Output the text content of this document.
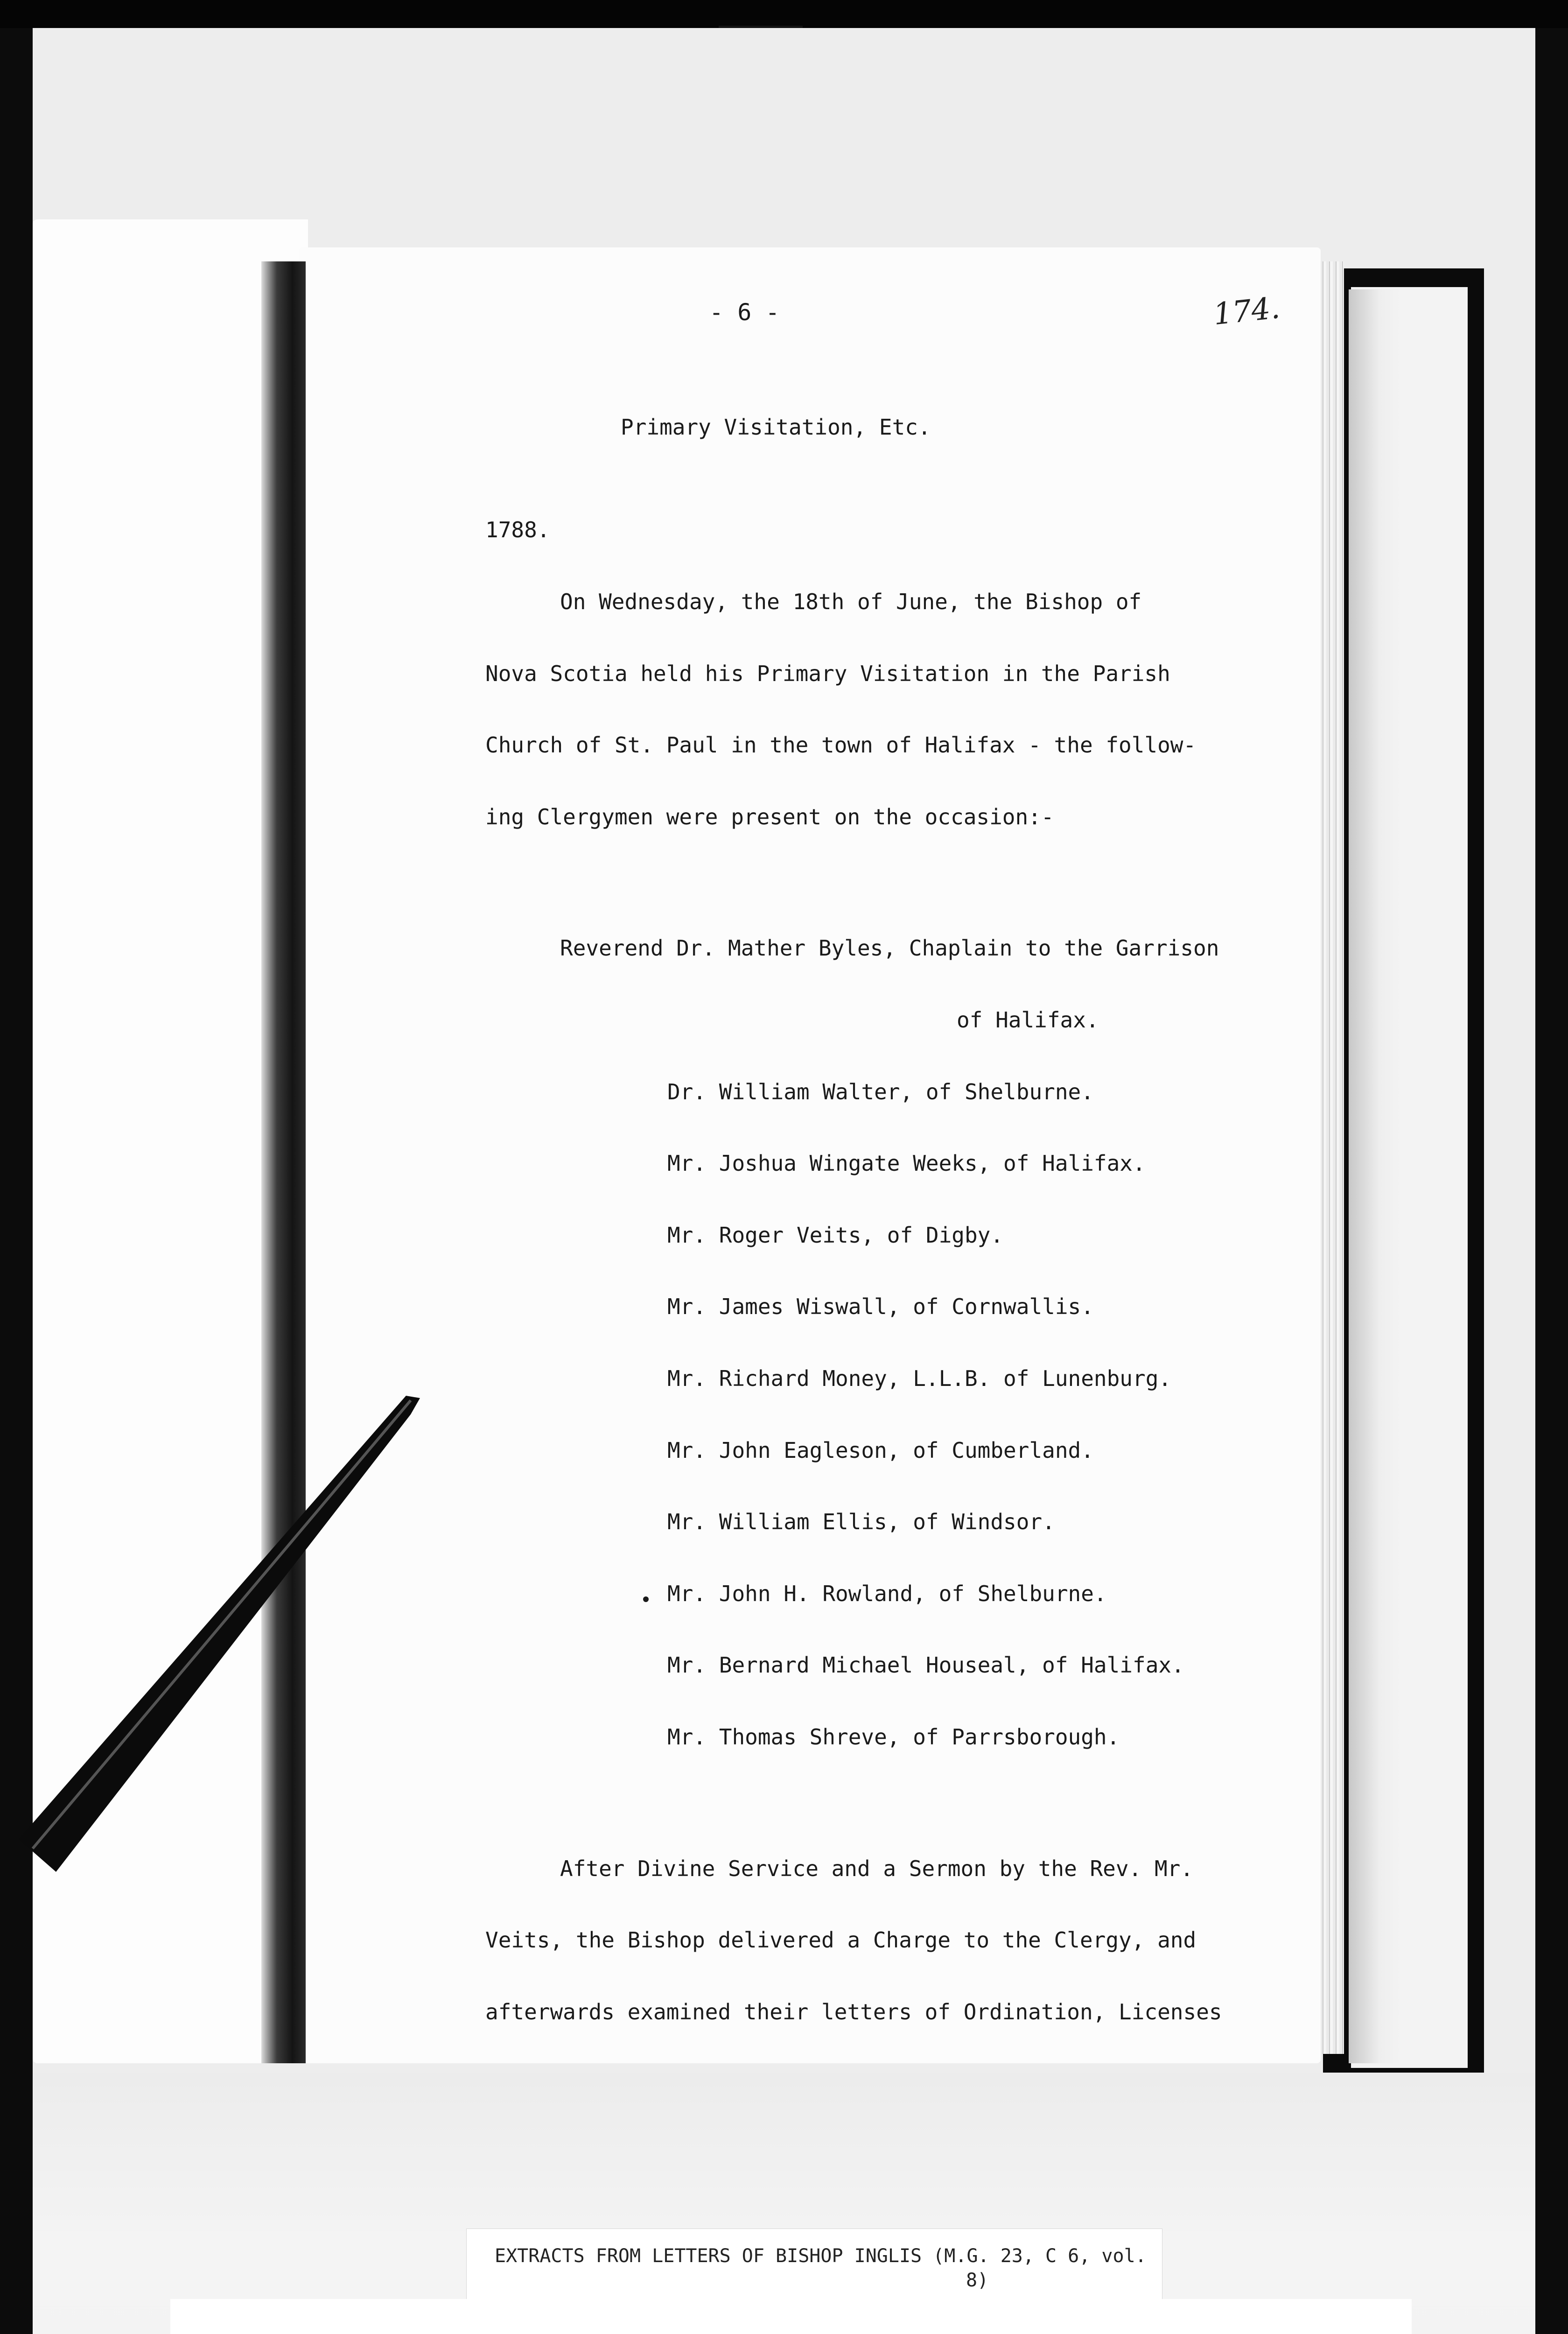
- 6 -	174.
Primary Visitation, Etc.

1788.

On Wednesday, the 18th of June, the Bishop of

Nova Scotia held his Primary Visitation in the Parish

Church of St. Paul in the town of Halifax - the follow-

ing Clergymen were present on the occasion:-

Reverend Dr. Mather Byles, Chaplain to the Garrison

of Halifax.

Dr. William Walter, of Shelburne.

Mr. Joshua Wingate Weeks, of Halifax.

Mr. Roger Veits, of Digby.

Mr. James Wiswall, of Cornwallis.

Mr. Richard Money, L.L.B. of Lunenburg.

Mr. John Eagleson, of Cumberland.

Mr. William Ellis, of Windsor.

Mr. John H. Rowland, of Shelburne.

Mr. Bernard Michael Houseal, of Halifax.

Mr. Thomas Shreve, of Parrsborough.

After Divine Service and a Sermon by the Rev. Mr.

Veits, the Bishop delivered a Charge to the Clergy, and

afterwards examined their letters of Ordination, Licenses

EXTRACTS FROM LETTERS OF BISHOP INGLIS (M.G. 23, C 6, vol.
8)
